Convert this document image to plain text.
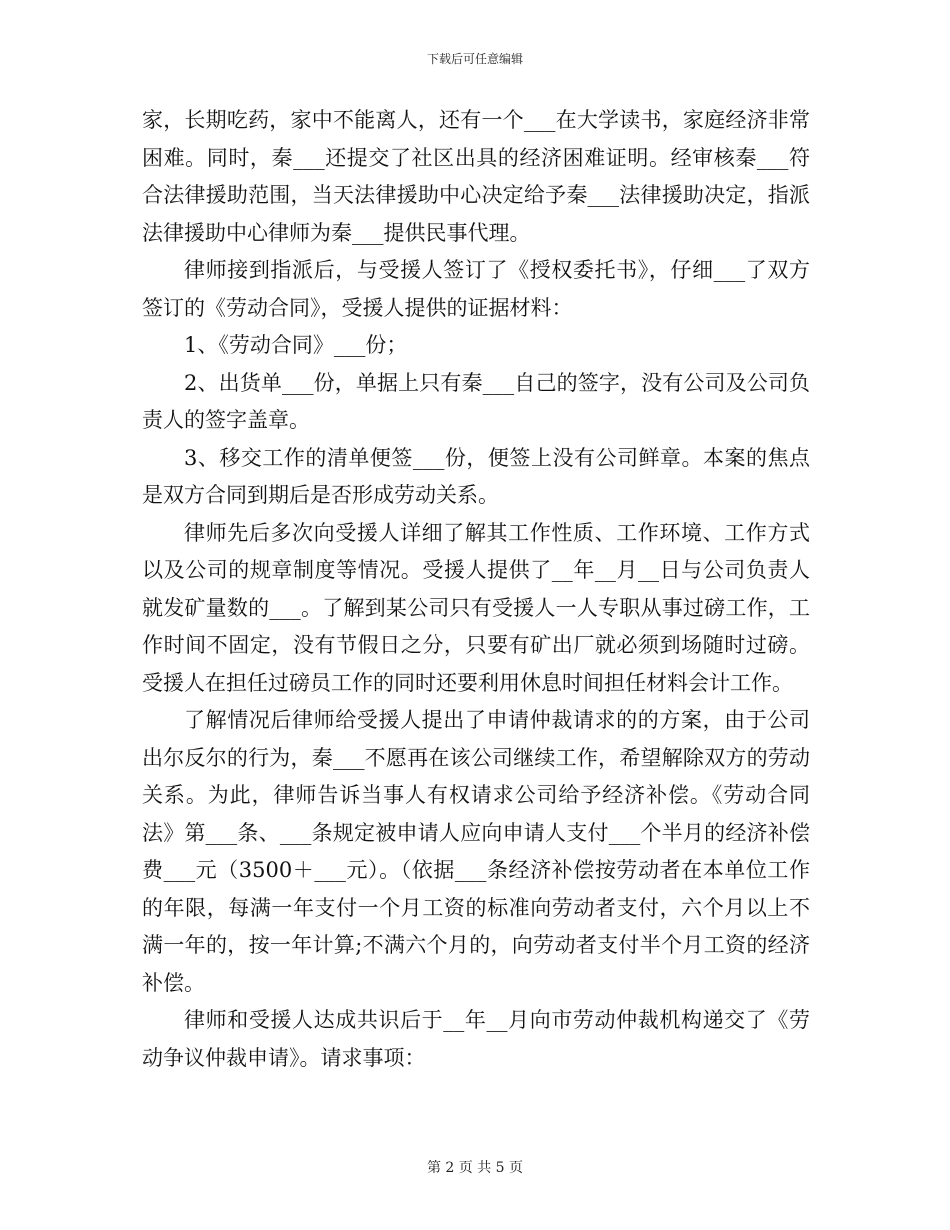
下载后可任意编辑

家，长期吃药，家中不能离人，还有一个___在大学读书，家庭经济非常困难。同时，秦___还提交了社区出具的经济困难证明。经审核秦___符合法律援助范围，当天法律援助中心决定给予秦___法律援助决定，指派法律援助中心律师为秦___提供民事代理。

律师接到指派后，与受援人签订了《授权委托书》，仔细___了双方签订的《劳动合同》，受援人提供的证据材料：

1、《劳动合同》___份；

2、出货单___份，单据上只有秦___自己的签字，没有公司及公司负责人的签字盖章。

3、移交工作的清单便签___份，便签上没有公司鲜章。本案的焦点是双方合同到期后是否形成劳动关系。

律师先后多次向受援人详细了解其工作性质、工作环境、工作方式以及公司的规章制度等情况。受援人提供了__年__月__日与公司负责人就发矿量数的___。了解到某公司只有受援人一人专职从事过磅工作，工作时间不固定，没有节假日之分，只要有矿出厂就必须到场随时过磅。受援人在担任过磅员工作的同时还要利用休息时间担任材料会计工作。

了解情况后律师给受援人提出了申请仲裁请求的的方案，由于公司出尔反尔的行为，秦___不愿再在该公司继续工作，希望解除双方的劳动关系。为此，律师告诉当事人有权请求公司给予经济补偿。《劳动合同法》第___条、___条规定被申请人应向申请人支付___个半月的经济补偿费___元（3500＋___元）。（依据___条经济补偿按劳动者在本单位工作的年限，每满一年支付一个月工资的标准向劳动者支付，六个月以上不满一年的，按一年计算;不满六个月的，向劳动者支付半个月工资的经济补偿。

律师和受援人达成共识后于__年__月向市劳动仲裁机构递交了《劳动争议仲裁申请》。请求事项：

第 2 页 共 5 页
